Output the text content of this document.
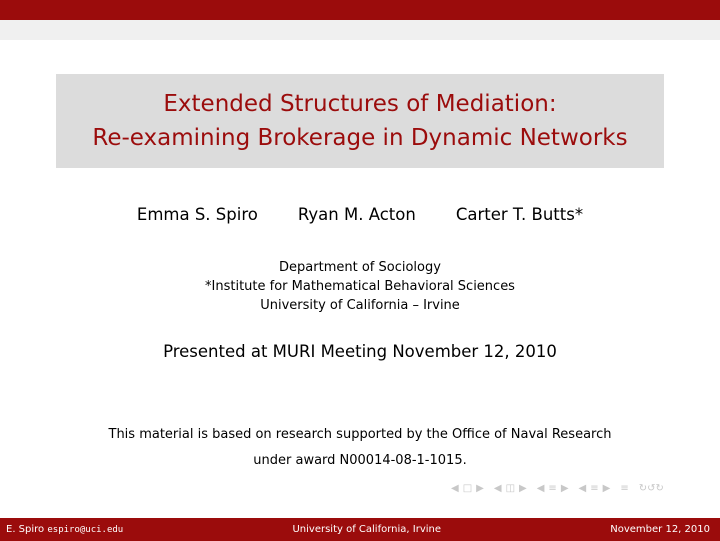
Extended Structures of Mediation:
Re-examining Brokerage in Dynamic Networks
Emma S. Spiro Ryan M. Acton Carter T. Butts*
Department of Sociology
*Institute for Mathematical Behavioral Sciences
University of California – Irvine
Presented at MURI Meeting November 12, 2010
This material is based on research supported by the Office of Naval Research
under award N00014-08-1-1015.
◀ □ ▶ ◀ ◫ ▶ ◀ ≡ ▶ ◀ ≡ ▶ ≡ ↻↺↻
E. Spiro espiro@uci.edu	University of California, Irvine	November 12, 2010
